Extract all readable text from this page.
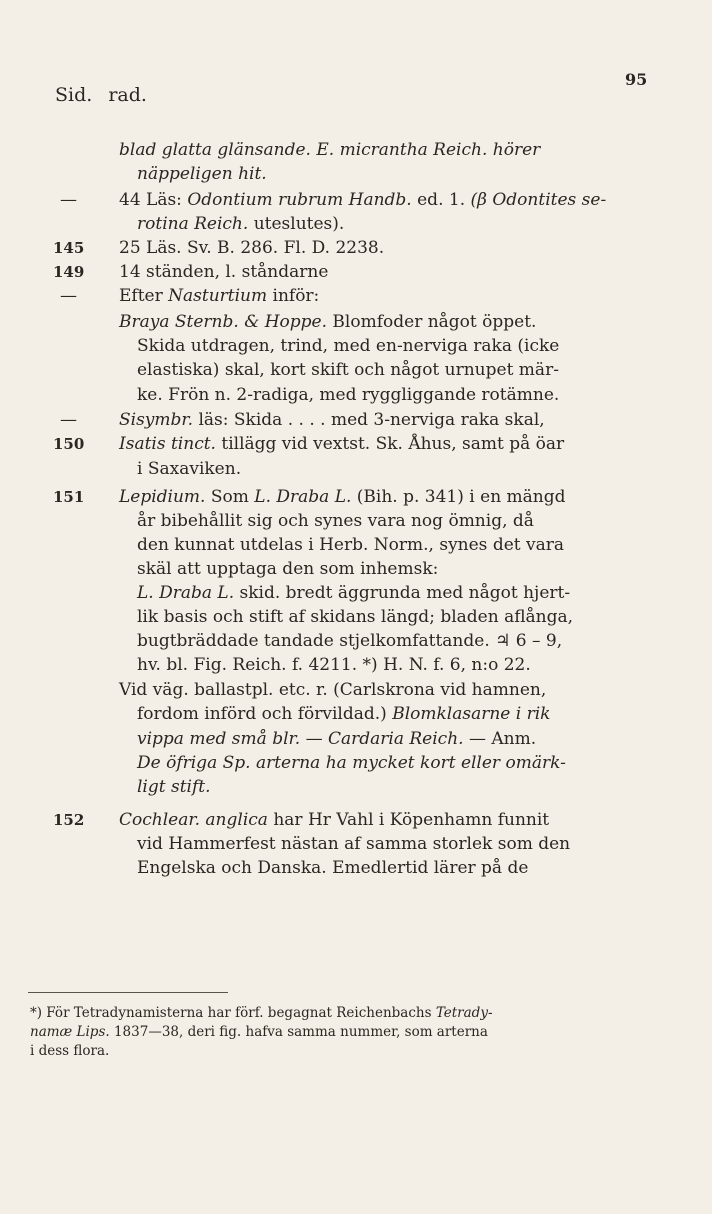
95
Sid. rad.
blad glatta glänsande. E. micrantha Reich. hörer
näppeligen hit.
—	44 Läs: Odontium rubrum Handb. ed. 1. (β Odontites se-
rotina Reich. uteslutes).
145	25 Läs. Sv. B. 286. Fl. D. 2238.
149	14 ständen, l. ståndarne
—	Efter Nasturtium inför:
Braya Sternb. & Hoppe. Blomfoder något öppet.
Skida utdragen, trind, med en-nerviga raka (icke
elastiska) skal, kort skift och något urnupet mär-
ke. Frön n. 2-radiga, med ryggliggande rotämne.
—	Sisymbr. läs: Skida . . . . med 3-nerviga raka skal,
150	Isatis tinct. tillägg vid vextst. Sk. Åhus, samt på öar
i Saxaviken.
151	Lepidium. Som L. Draba L. (Bih. p. 341) i en mängd
år bibehållit sig och synes vara nog ömnig, då
den kunnat utdelas i Herb. Norm., synes det vara
skäl att upptaga den som inhemsk:
L. Draba L. skid. bredt äggrunda med något hjert-
lik basis och stift af skidans längd; bladen aflånga,
bugtbräddade tandade stjelkomfattande. ♃ 6 – 9,
hv. bl. Fig. Reich. f. 4211. *) H. N. f. 6, n:o 22.
Vid väg. ballastpl. etc. r. (Carlskrona vid hamnen,
fordom införd och förvildad.) Blomklasarne i rik
vippa med små blr. — Cardaria Reich. — Anm.
De öfriga Sp. arterna ha mycket kort eller omärk-
ligt stift.
152	Cochlear. anglica har Hr Vahl i Köpenhamn funnit
vid Hammerfest nästan af samma storlek som den
Engelska och Danska. Emedlertid lärer på de
*) För Tetradynamisterna har förf. begagnat Reichenbachs Tetrady-
namæ Lips. 1837—38, deri fig. hafva samma nummer, som arterna
i dess flora.
